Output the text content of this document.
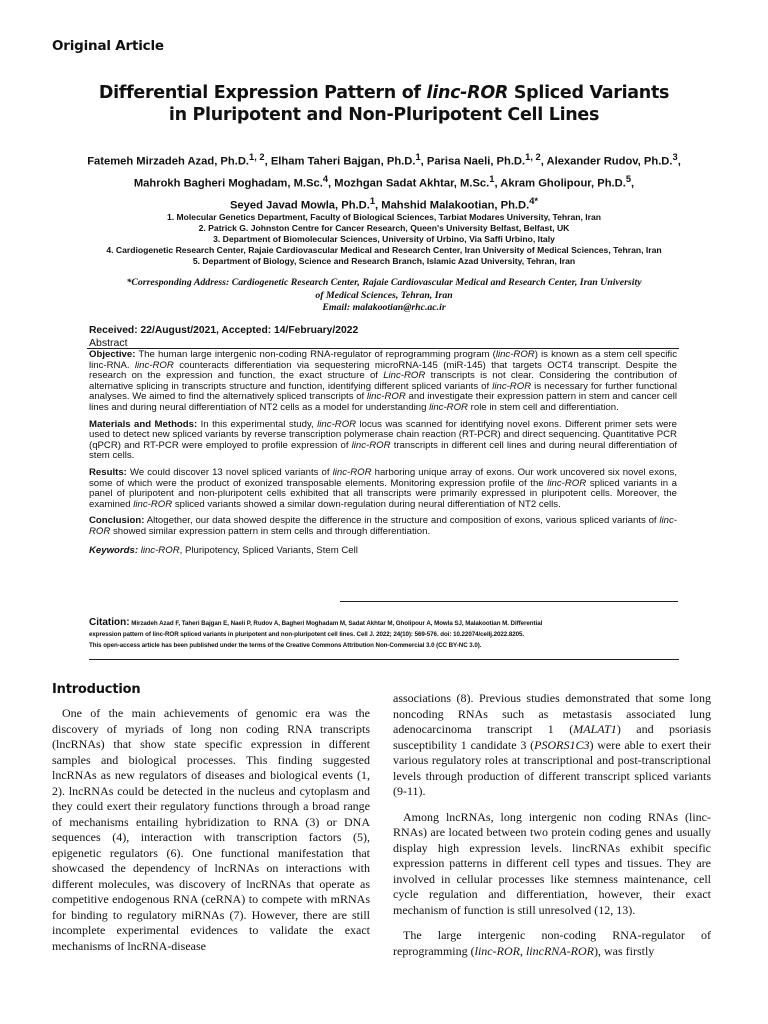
Original Article
Differential Expression Pattern of linc-ROR Spliced Variants
in Pluripotent and Non-Pluripotent Cell Lines
Fatemeh Mirzadeh Azad, Ph.D.$^{1, 2}$, Elham Taheri Bajgan, Ph.D.$^1$, Parisa Naeli, Ph.D.$^{1, 2}$, Alexander Rudov, Ph.D.$^3$,
Mahrokh Bagheri Moghadam, M.Sc.$^4$, Mozhgan Sadat Akhtar, M.Sc.$^1$, Akram Gholipour, Ph.D.$^5$,
Seyed Javad Mowla, Ph.D.$^1$, Mahshid Malakootian, Ph.D.$^{4*}$
1. Molecular Genetics Department, Faculty of Biological Sciences, Tarbiat Modares University, Tehran, Iran
2. Patrick G. Johnston Centre for Cancer Research, Queen's University Belfast, Belfast, UK
3. Department of Biomolecular Sciences, University of Urbino, Via Saffi Urbino, Italy
4. Cardiogenetic Research Center, Rajaie Cardiovascular Medical and Research Center, Iran University of Medical Sciences, Tehran, Iran
5. Department of Biology, Science and Research Branch, Islamic Azad University, Tehran, Iran
*Corresponding Address: Cardiogenetic Research Center, Rajaie Cardiovascular Medical and Research Center, Iran University
of Medical Sciences, Tehran, Iran
Email: malakootian@rhc.ac.ir
Received: 22/August/2021, Accepted: 14/February/2022
Abstract

Objective: The human large intergenic non-coding RNA-regulator of reprogramming program (linc-ROR) is known as a stem cell specific linc-RNA. linc-ROR counteracts differentiation via sequestering microRNA-145 (miR-145) that targets OCT4 transcript. Despite the research on the expression and function, the exact structure of Linc-ROR transcripts is not clear. Considering the contribution of alternative splicing in transcripts structure and function, identifying different spliced variants of linc-ROR is necessary for further functional analyses. We aimed to find the alternatively spliced transcripts of linc-ROR and investigate their expression pattern in stem and cancer cell lines and during neural differentiation of NT2 cells as a model for understanding linc-ROR role in stem cell and differentiation.

Materials and Methods: In this experimental study, linc-ROR locus was scanned for identifying novel exons. Different primer sets were used to detect new spliced variants by reverse transcription polymerase chain reaction (RT-PCR) and direct sequencing. Quantitative PCR (qPCR) and RT-PCR were employed to profile expression of linc-ROR transcripts in different cell lines and during neural differentiation of stem cells.

Results: We could discover 13 novel spliced variants of linc-ROR harboring unique array of exons. Our work uncovered six novel exons, some of which were the product of exonized transposable elements. Monitoring expression profile of the linc-ROR spliced variants in a panel of pluripotent and non-pluripotent cells exhibited that all transcripts were primarily expressed in pluripotent cells. Moreover, the examined linc-ROR spliced variants showed a similar down-regulation during neural differentiation of NT2 cells.

Conclusion: Altogether, our data showed despite the difference in the structure and composition of exons, various spliced variants of linc-ROR showed similar expression pattern in stem cells and through differentiation.

Keywords: linc-ROR, Pluripotency, Spliced Variants, Stem Cell

Citation: Mirzadeh Azad F, Taheri Bajgan E, Naeli P, Rudov A, Bagheri Moghadam M, Sadat Akhtar M, Gholipour A, Mowla SJ, Malakootian M. Differential
expression pattern of linc-ROR spliced variants in pluripotent and non-pluripotent cell lines. Cell J. 2022; 24(10): 569-576. doi: 10.22074/cellj.2022.8205.
This open-access article has been published under the terms of the Creative Commons Attribution Non-Commercial 3.0 (CC BY-NC 3.0).
Introduction

One of the main achievements of genomic era was the discovery of myriads of long non coding RNA transcripts (lncRNAs) that show state specific expression in different samples and biological processes. This finding suggested lncRNAs as new regulators of diseases and biological events (1, 2). lncRNAs could be detected in the nucleus and cytoplasm and they could exert their regulatory functions through a broad range of mechanisms entailing hybridization to RNA (3) or DNA sequences (4), interaction with transcription factors (5), epigenetic regulators (6). One functional manifestation that showcased the dependency of lncRNAs on interactions with different molecules, was discovery of lncRNAs that operate as competitive endogenous RNA (ceRNA) to compete with mRNAs for binding to regulatory miRNAs (7). However, there are still incomplete experimental evidences to validate the exact mechanisms of lncRNA-disease

associations (8). Previous studies demonstrated that some long noncoding RNAs such as metastasis associated lung adenocarcinoma transcript 1 (MALAT1) and psoriasis susceptibility 1 candidate 3 (PSORS1C3) were able to exert their various regulatory roles at transcriptional and post-transcriptional levels through production of different transcript spliced variants (9-11).

Among lncRNAs, long intergenic non coding RNAs (linc-RNAs) are located between two protein coding genes and usually display high expression levels. lincRNAs exhibit specific expression patterns in different cell types and tissues. They are involved in cellular processes like stemness maintenance, cell cycle regulation and differentiation, however, their exact mechanism of function is still unresolved (12, 13).

The large intergenic non-coding RNA-regulator of reprogramming (linc-ROR, lincRNA-ROR), was firstly
